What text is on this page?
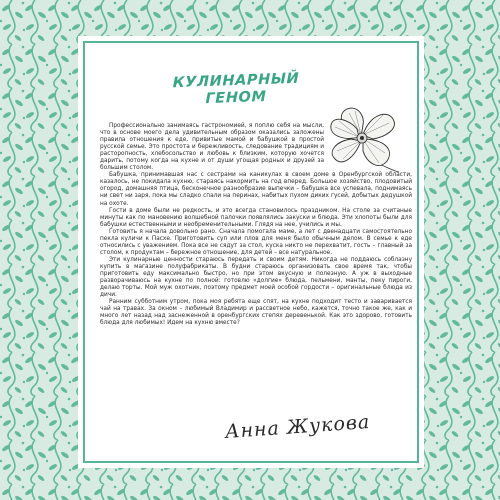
КУЛИНАРНЫЙ
ГЕНОМ

Профессионально занимаясь гастрономией, я поплю себя на мысли, что в основе моего дела удивительным образом оказались заложены правила отношения к еде, привитые мамой и бабушкой в простой русской семье. Это простота и бережливость, следование традициям и расторопность, хлебосольство и любовь к близким, которую хочется дарить, потому когда на кухне и от души угощая родных и друзей за большим столом.

Бабушка, принимавшая нас с сестрами на каникулах в своем доме в Оренбургской области, казалось, не покидала кухню, стараясь накормить на год вперед. Большое хозяйство, плодовитый огород, домашняя птица, бесконечное разнообразие выпечки – бабушка все успевала, поднимаясь ни свет ни заря, пока мы сладко спали на перинах, набитых пухом диких гусей, добытых дедушкой на охоте.

Гости в доме были не редкость, и это всегда становилось праздником. На столе за считаные минуты как по мановению волшебной палочки появлялись закуски и блюда. Эти хлопоты были для бабушки естественными и необременительными. Глядя на нее, учились и мы.

Готовить я начала довольно рано. Сначала помогала маме, а лет с двенадцати самостоятельно пекла куличи к Пасхе. Приготовить суп или плов для меня было обычным делом. В семье к еде относились с уважением. Пока все не сядут за стол, куска никто не перехватит, гость – главный за столом, к продуктам – бережное отношение, для детей – все натуральное.

Эти кулинарные ценности стараюсь передать и своим детям. Никогда не поддаюсь соблазну купить в магазине полуфабрикаты. В будни стараюсь организовать свое время так, чтобы приготовить еду максимально быстро, но при этом вкусную и полезную. А уж в выходные разворачиваюсь на кухне по полной: готовлю «долгие» блюда, пельмени, манты, пеку пироги, делаю торты. Мой муж охотник, поэтому предмет моей особой гордости – оригинальные блюда из дичи.

Ранним субботним утром, пока моя ребята еще спят, на кухне подходит тесто и заваривается чай на травах. За окном – любимый Владимир и рассветное небо, кажется, точно такое же, как и много лет назад над заснеженной в оренбургских степях деревенькой. Как это здорово, готовить блюда для любимых! Идем на кухню вместе?

Анна Жукова
